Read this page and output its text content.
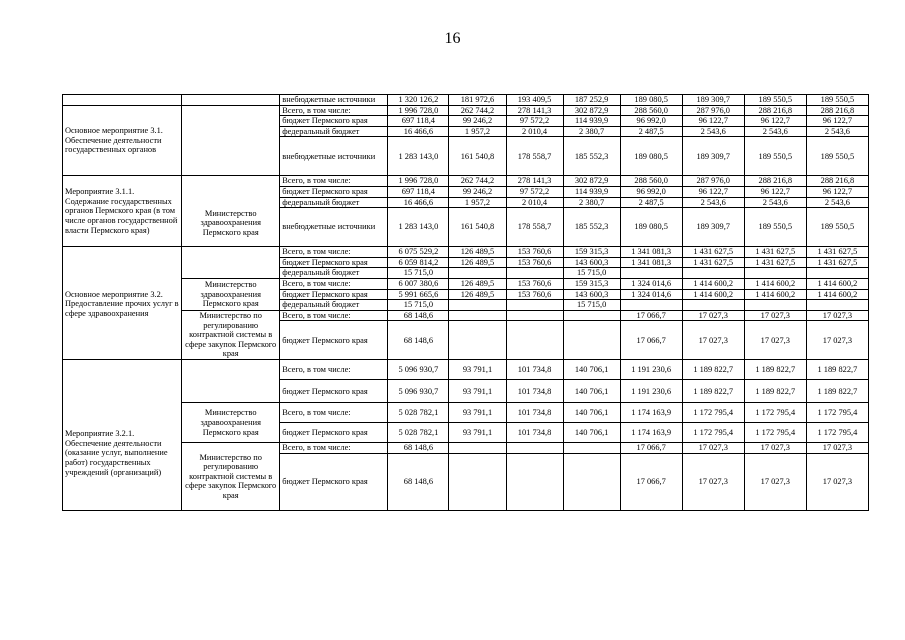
16
		внебюджетные источники	1 320 126,2	181 972,6	193 409,5	187 252,9	189 080,5	189 309,7	189 550,5	189 550,5
Основное мероприятие 3.1. Обеспечение деятельности государственных органов		Всего, в том числе:	1 996 728,0	262 744,2	278 141,3	302 872,9	288 560,0	287 976,0	288 216,8	288 216,8
		бюджет Пермского края	697 118,4	99 246,2	97 572,2	114 939,9	96 992,0	96 122,7	96 122,7	96 122,7
		федеральный бюджет	16 466,6	1 957,2	2 010,4	2 380,7	2 487,5	2 543,6	2 543,6	2 543,6
		внебюджетные источники	1 283 143,0	161 540,8	178 558,7	185 552,3	189 080,5	189 309,7	189 550,5	189 550,5
Мероприятие 3.1.1. Содержание государственных органов Пермского края (в том числе органов государственной власти Пермского края)	Министерство здравоохранения Пермского края	Всего, в том числе:	1 996 728,0	262 744,2	278 141,3	302 872,9	288 560,0	287 976,0	288 216,8	288 216,8
		бюджет Пермского края	697 118,4	99 246,2	97 572,2	114 939,9	96 992,0	96 122,7	96 122,7	96 122,7
		федеральный бюджет	16 466,6	1 957,2	2 010,4	2 380,7	2 487,5	2 543,6	2 543,6	2 543,6
		внебюджетные источники	1 283 143,0	161 540,8	178 558,7	185 552,3	189 080,5	189 309,7	189 550,5	189 550,5
Основное мероприятие 3.2. Предоставление прочих услуг в сфере здравоохранения		Всего, в том числе:	6 075 529,2	126 489,5	153 760,6	159 315,3	1 341 081,3	1 431 627,5	1 431 627,5	1 431 627,5
		бюджет Пермского края	6 059 814,2	126 489,5	153 760,6	143 600,3	1 341 081,3	1 431 627,5	1 431 627,5	1 431 627,5
		федеральный бюджет	15 715,0			15 715,0				
	Министерство здравоохранения Пермского края	Всего, в том числе:	6 007 380,6	126 489,5	153 760,6	159 315,3	1 324 014,6	1 414 600,2	1 414 600,2	1 414 600,2
		бюджет Пермского края	5 991 665,6	126 489,5	153 760,6	143 600,3	1 324 014,6	1 414 600,2	1 414 600,2	1 414 600,2
		федеральный бюджет	15 715,0			15 715,0				
	Министерство по регулированию контрактной системы в сфере закупок Пермского края	Всего, в том числе:	68 148,6				17 066,7	17 027,3	17 027,3	17 027,3
		бюджет Пермского края	68 148,6				17 066,7	17 027,3	17 027,3	17 027,3
Мероприятие 3.2.1. Обеспечение деятельности (оказание услуг, выполнение работ) государственных учреждений (организаций)		Всего, в том числе:	5 096 930,7	93 791,1	101 734,8	140 706,1	1 191 230,6	1 189 822,7	1 189 822,7	1 189 822,7
		бюджет Пермского края	5 096 930,7	93 791,1	101 734,8	140 706,1	1 191 230,6	1 189 822,7	1 189 822,7	1 189 822,7
	Министерство здравоохранения Пермского края	Всего, в том числе:	5 028 782,1	93 791,1	101 734,8	140 706,1	1 174 163,9	1 172 795,4	1 172 795,4	1 172 795,4
		бюджет Пермского края	5 028 782,1	93 791,1	101 734,8	140 706,1	1 174 163,9	1 172 795,4	1 172 795,4	1 172 795,4
	Министерство по регулированию контрактной системы в сфере закупок Пермского края	Всего, в том числе:	68 148,6				17 066,7	17 027,3	17 027,3	17 027,3
		бюджет Пермского края	68 148,6				17 066,7	17 027,3	17 027,3	17 027,3
